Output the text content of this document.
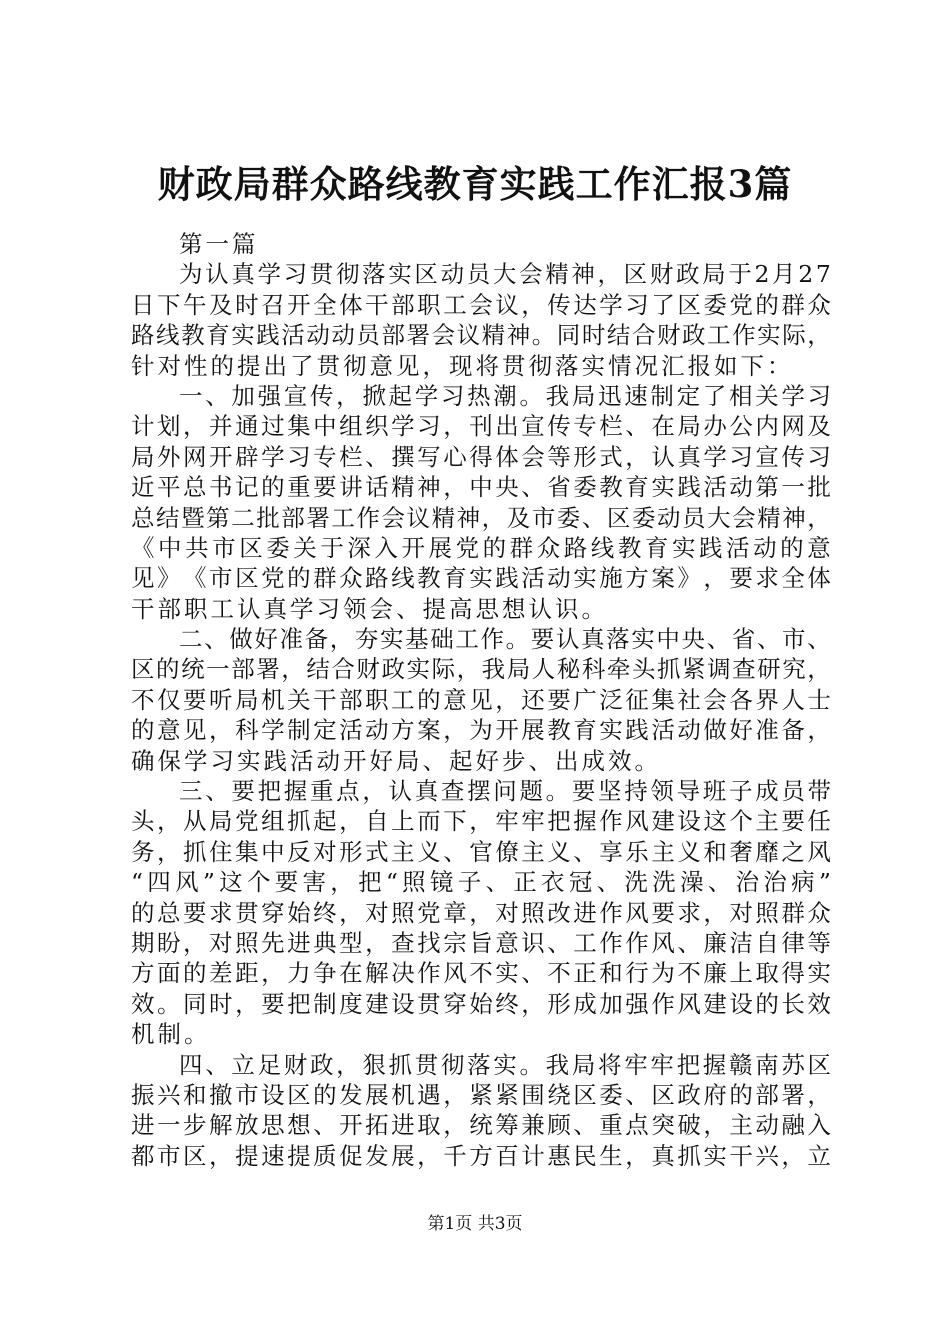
财政局群众路线教育实践工作汇报3篇
第 一 篇
为 认 真 学 习 贯 彻 落 实 区 动 员 大 会 精 神 ， 区 财 政 局 于 2 月 2 7
日 下 午 及 时 召 开 全 体 干 部 职 工 会 议 ， 传 达 学 习 了 区 委 党 的 群 众
路 线 教 育 实 践 活 动 动 员 部 署 会 议 精 神 。 同 时 结 合 财 政 工 作 实 际 ，
针 对 性 的 提 出 了 贯 彻 意 见 ， 现 将 贯 彻 落 实 情 况 汇 报 如 下 ：
一 、 加 强 宣 传 ， 掀 起 学 习 热 潮 。 我 局 迅 速 制 定 了 相 关 学 习
计 划 ， 并 通 过 集 中 组 织 学 习 ， 刊 出 宣 传 专 栏 、 在 局 办 公 内 网 及
局 外 网 开 辟 学 习 专 栏 、 撰 写 心 得 体 会 等 形 式 ， 认 真 学 习 宣 传 习
近 平 总 书 记 的 重 要 讲 话 精 神 ， 中 央 、 省 委 教 育 实 践 活 动 第 一 批
总 结 暨 第 二 批 部 署 工 作 会 议 精 神 ， 及 市 委 、 区 委 动 员 大 会 精 神 ，
《 中 共 市 区 委 关 于 深 入 开 展 党 的 群 众 路 线 教 育 实 践 活 动 的 意
见 》 《 市 区 党 的 群 众 路 线 教 育 实 践 活 动 实 施 方 案 》 ， 要 求 全 体
干 部 职 工 认 真 学 习 领 会 、 提 高 思 想 认 识 。
二 、 做 好 准 备 ， 夯 实 基 础 工 作 。 要 认 真 落 实 中 央 、 省 、 市 、
区 的 统 一 部 署 ， 结 合 财 政 实 际 ， 我 局 人 秘 科 牵 头 抓 紧 调 查 研 究 ，
不 仅 要 听 局 机 关 干 部 职 工 的 意 见 ， 还 要 广 泛 征 集 社 会 各 界 人 士
的 意 见 ， 科 学 制 定 活 动 方 案 ， 为 开 展 教 育 实 践 活 动 做 好 准 备 ，
确 保 学 习 实 践 活 动 开 好 局 、 起 好 步 、 出 成 效 。
三 、 要 把 握 重 点 ， 认 真 查 摆 问 题 。 要 坚 持 领 导 班 子 成 员 带
头 ， 从 局 党 组 抓 起 ， 自 上 而 下 ， 牢 牢 把 握 作 风 建 设 这 个 主 要 任
务 ， 抓 住 集 中 反 对 形 式 主 义 、 官 僚 主 义 、 享 乐 主 义 和 奢 靡 之 风
“ 四 风 ” 这 个 要 害 ， 把 “ 照 镜 子 、 正 衣 冠 、 洗 洗 澡 、 治 治 病 ”
的 总 要 求 贯 穿 始 终 ， 对 照 党 章 ， 对 照 改 进 作 风 要 求 ， 对 照 群 众
期 盼 ， 对 照 先 进 典 型 ， 查 找 宗 旨 意 识 、 工 作 作 风 、 廉 洁 自 律 等
方 面 的 差 距 ， 力 争 在 解 决 作 风 不 实 、 不 正 和 行 为 不 廉 上 取 得 实
效 。 同 时 ， 要 把 制 度 建 设 贯 穿 始 终 ， 形 成 加 强 作 风 建 设 的 长 效
机 制 。
四 、 立 足 财 政 ， 狠 抓 贯 彻 落 实 。 我 局 将 牢 牢 把 握 赣 南 苏 区
振 兴 和 撤 市 设 区 的 发 展 机 遇 ， 紧 紧 围 绕 区 委 、 区 政 府 的 部 署 ，
进 一 步 解 放 思 想 、 开 拓 进 取 ， 统 筹 兼 顾 、 重 点 突 破 ， 主 动 融 入
都 市 区 ， 提 速 提 质 促 发 展 ， 千 方 百 计 惠 民 生 ， 真 抓 实 干 兴 ， 立
第1页 共3页
